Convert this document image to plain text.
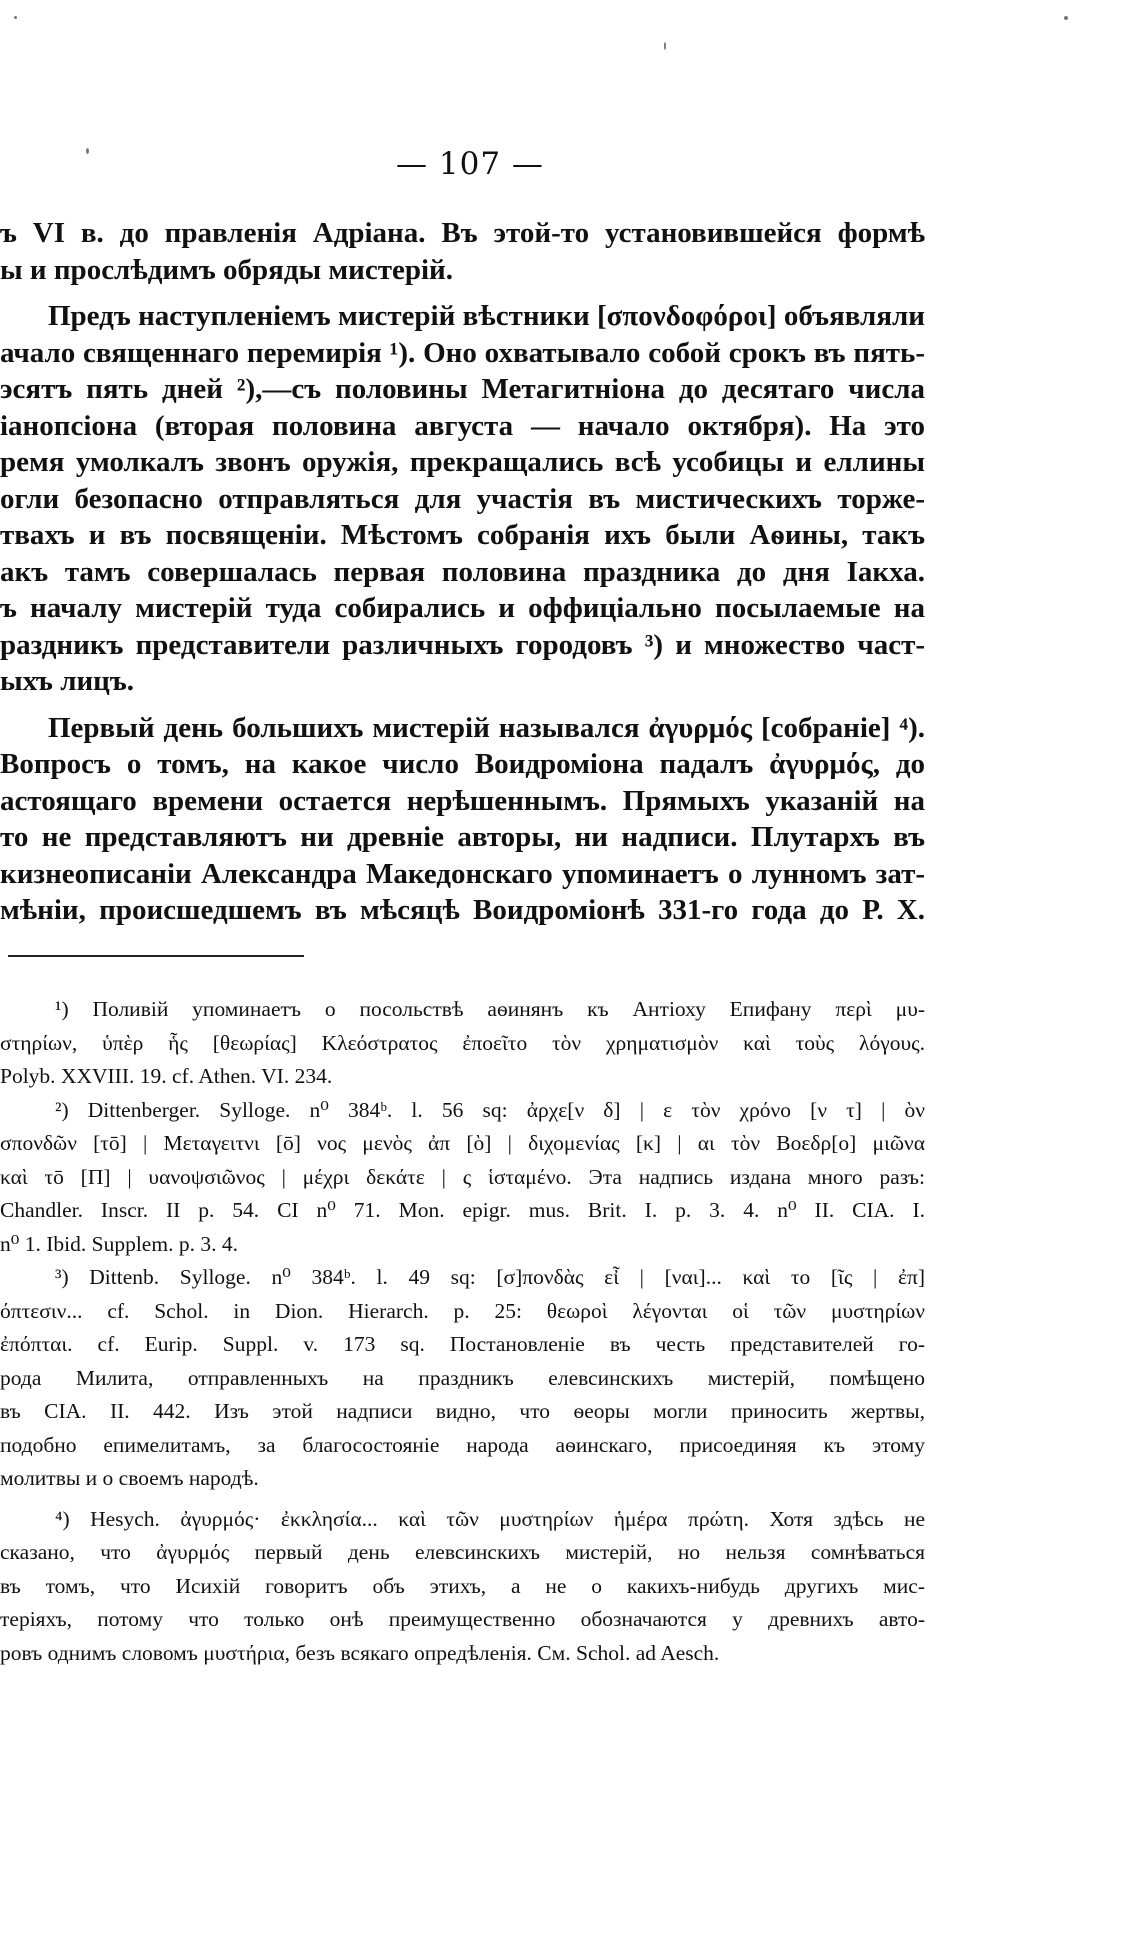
— 107 —
ъ VI в. до правленія Адріана. Въ этой-то установившейся формѣ
ы и прослѣдимъ обряды мистерій.
Предъ наступленіемъ мистерій вѣстники [σπονδοφόροι] объявляли
ачало священнаго перемирія ¹). Оно охватывало собой срокъ въ пять-
эсятъ пять дней ²),—съ половины Метагитніона до десятаго числа
іанопсіона (вторая половина августа — начало октября). На это
ремя умолкалъ звонъ оружія, прекращались всѣ усобицы и еллины
огли безопасно отправляться для участія въ мистическихъ торже-
твахъ и въ посвященіи. Мѣстомъ собранія ихъ были Аѳины, такъ
акъ тамъ совершалась первая половина праздника до дня Іакха.
ъ началу мистерій туда собирались и оффиціально посылаемые на
раздникъ представители различныхъ городовъ ³) и множество част-
ыхъ лицъ.
Первый день большихъ мистерій назывался ἀγυρμός [собраніе] ⁴).
Вопросъ о томъ, на какое число Воидроміона падалъ ἀγυρμός, до
астоящаго времени остается нерѣшеннымъ. Прямыхъ указаній на
то не представляютъ ни древніе авторы, ни надписи. Плутархъ въ
кизнеописаніи Александра Македонскаго упоминаетъ о лунномъ зат-
мѣніи, происшедшемъ въ мѣсяцѣ Воидроміонѣ 331-го года до Р. Х.
¹) Поливій упоминаетъ о посольствѣ аѳинянъ къ Антіоху Епифану περὶ μυ-
στηρίων, ὑπὲρ ἧς [θεωρίας] Κλεόστρατος ἐποεῖτο τὸν χρηματισμὸν καὶ τοὺς λόγους.
Polyb. XXVIII. 19. cf. Athen. VI. 234.
²) Dittenberger. Sylloge. n⁰ 384ᵇ. l. 56 sq: ἀρχε[ν δ] | ε τὸν χρόνο [ν τ] | ὸν
σπονδῶν [τō] | Μεταγειτνι [ō] νος μενὸς ἀπ [ὸ] | διχομενίας [κ] | αι τὸν Βοεδρ[ο] μιῶνα
καὶ τō [Π] | υανοψσιῶνος | μέχρι δεκάτε | ς ἱσταμένο. Эта надпись издана много разъ:
Chandler. Inscr. II p. 54. CI n⁰ 71. Mon. epigr. mus. Brit. I. p. 3. 4. n⁰ II. CIA. I.
n⁰ 1. Ibid. Supplem. p. 3. 4.
³) Dittenb. Sylloge. n⁰ 384ᵇ. l. 49 sq: [σ]πονδὰς εἶ | [ναι]... καὶ το [ῖς | ἐπ]
όπτεσιν... cf. Schol. in Dion. Hierarch. p. 25: θεωροὶ λέγονται οἱ τῶν μυστηρίων
ἐπόπται. cf. Eurip. Suppl. v. 173 sq. Постановленіе въ честь представителей го-
рода Милита, отправленныхъ на праздникъ елевсинскихъ мистерій, помѣщено
въ CIA. II. 442. Изъ этой надписи видно, что ѳеоры могли приносить жертвы,
подобно епимелитамъ, за благосостояніе народа аѳинскаго, присоединяя къ этому
молитвы и о своемъ народѣ.
⁴) Hesych. ἀγυρμός· ἐκκλησία... καὶ τῶν μυστηρίων ἡμέρα πρώτη. Хотя здѣсь не
сказано, что ἀγυρμός первый день елевсинскихъ мистерій, но нельзя сомнѣваться
въ томъ, что Исихій говоритъ объ этихъ, а не о какихъ-нибудь другихъ мис-
теріяхъ, потому что только онѣ преимущественно обозначаются у древнихъ авто-
ровъ однимъ словомъ μυστήρια, безъ всякаго опредѣленія. См. Schol. ad Aesch.
